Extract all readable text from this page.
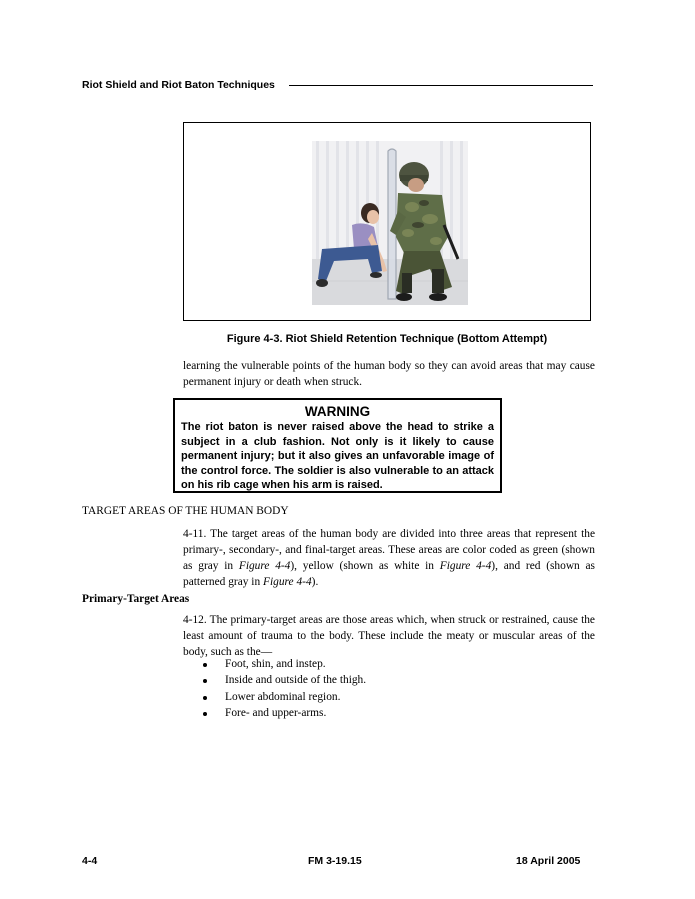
Riot Shield and Riot Baton Techniques
Figure 4-3. Riot Shield Retention Technique (Bottom Attempt)
learning the vulnerable points of the human body so they can avoid areas that may cause permanent injury or death when struck.
WARNING
The riot baton is never raised above the head to strike a subject in a club fashion. Not only is it likely to cause permanent injury; but it also gives an unfavorable image of the control force. The soldier is also vulnerable to an attack on his rib cage when his arm is raised.
TARGET AREAS OF THE HUMAN BODY
4-11. The target areas of the human body are divided into three areas that represent the primary-, secondary-, and final-target areas. These areas are color coded as green (shown as gray in Figure 4-4), yellow (shown as white in Figure 4-4), and red (shown as patterned gray in Figure 4-4).
Primary-Target Areas
4-12. The primary-target areas are those areas which, when struck or restrained, cause the least amount of trauma to the body. These include the meaty or muscular areas of the body, such as the—
Foot, shin, and instep.
Inside and outside of the thigh.
Lower abdominal region.
Fore- and upper-arms.
4-4	FM 3-19.15	18 April 2005
